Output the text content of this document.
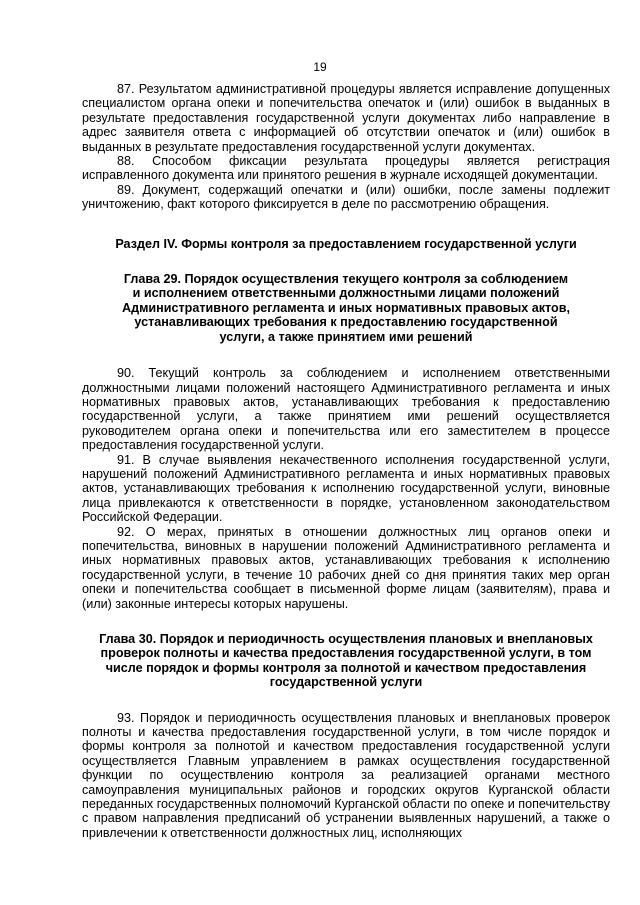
19

87. Результатом административной процедуры является исправление допущенных специалистом органа опеки и попечительства опечаток и (или) ошибок в выданных в результате предоставления государственной услуги документах либо направление в адрес заявителя ответа с информацией об отсутствии опечаток и (или) ошибок в выданных в результате предоставления государственной услуги документах.

88. Способом фиксации результата процедуры является регистрация исправленного документа или принятого решения в журнале исходящей документации.

89. Документ, содержащий опечатки и (или) ошибки, после замены подлежит уничтожению, факт которого фиксируется в деле по рассмотрению обращения.

Раздел IV. Формы контроля за предоставлением государственной услуги

Глава 29. Порядок осуществления текущего контроля за соблюдением и исполнением ответственными должностными лицами положений Административного регламента и иных нормативных правовых актов, устанавливающих требования к предоставлению государственной услуги, а также принятием ими решений

90. Текущий контроль за соблюдением и исполнением ответственными должностными лицами положений настоящего Административного регламента и иных нормативных правовых актов, устанавливающих требования к предоставлению государственной услуги, а также принятием ими решений осуществляется руководителем органа опеки и попечительства или его заместителем в процессе предоставления государственной услуги.

91. В случае выявления некачественного исполнения государственной услуги, нарушений положений Административного регламента и иных нормативных правовых актов, устанавливающих требования к исполнению государственной услуги, виновные лица привлекаются к ответственности в порядке, установленном законодательством Российской Федерации.

92. О мерах, принятых в отношении должностных лиц органов опеки и попечительства, виновных в нарушении положений Административного регламента и иных нормативных правовых актов, устанавливающих требования к исполнению государственной услуги, в течение 10 рабочих дней со дня принятия таких мер орган опеки и попечительства сообщает в письменной форме лицам (заявителям), права и (или) законные интересы которых нарушены.

Глава 30. Порядок и периодичность осуществления плановых и внеплановых проверок полноты и качества предоставления государственной услуги, в том числе порядок и формы контроля за полнотой и качеством предоставления государственной услуги

93. Порядок и периодичность осуществления плановых и внеплановых проверок полноты и качества предоставления государственной услуги, в том числе порядок и формы контроля за полнотой и качеством предоставления государственной услуги осуществляется Главным управлением в рамках осуществления государственной функции по осуществлению контроля за реализацией органами местного самоуправления муниципальных районов и городских округов Курганской области переданных государственных полномочий Курганской области по опеке и попечительству с правом направления предписаний об устранении выявленных нарушений, а также о привлечении к ответственности должностных лиц, исполняющих
